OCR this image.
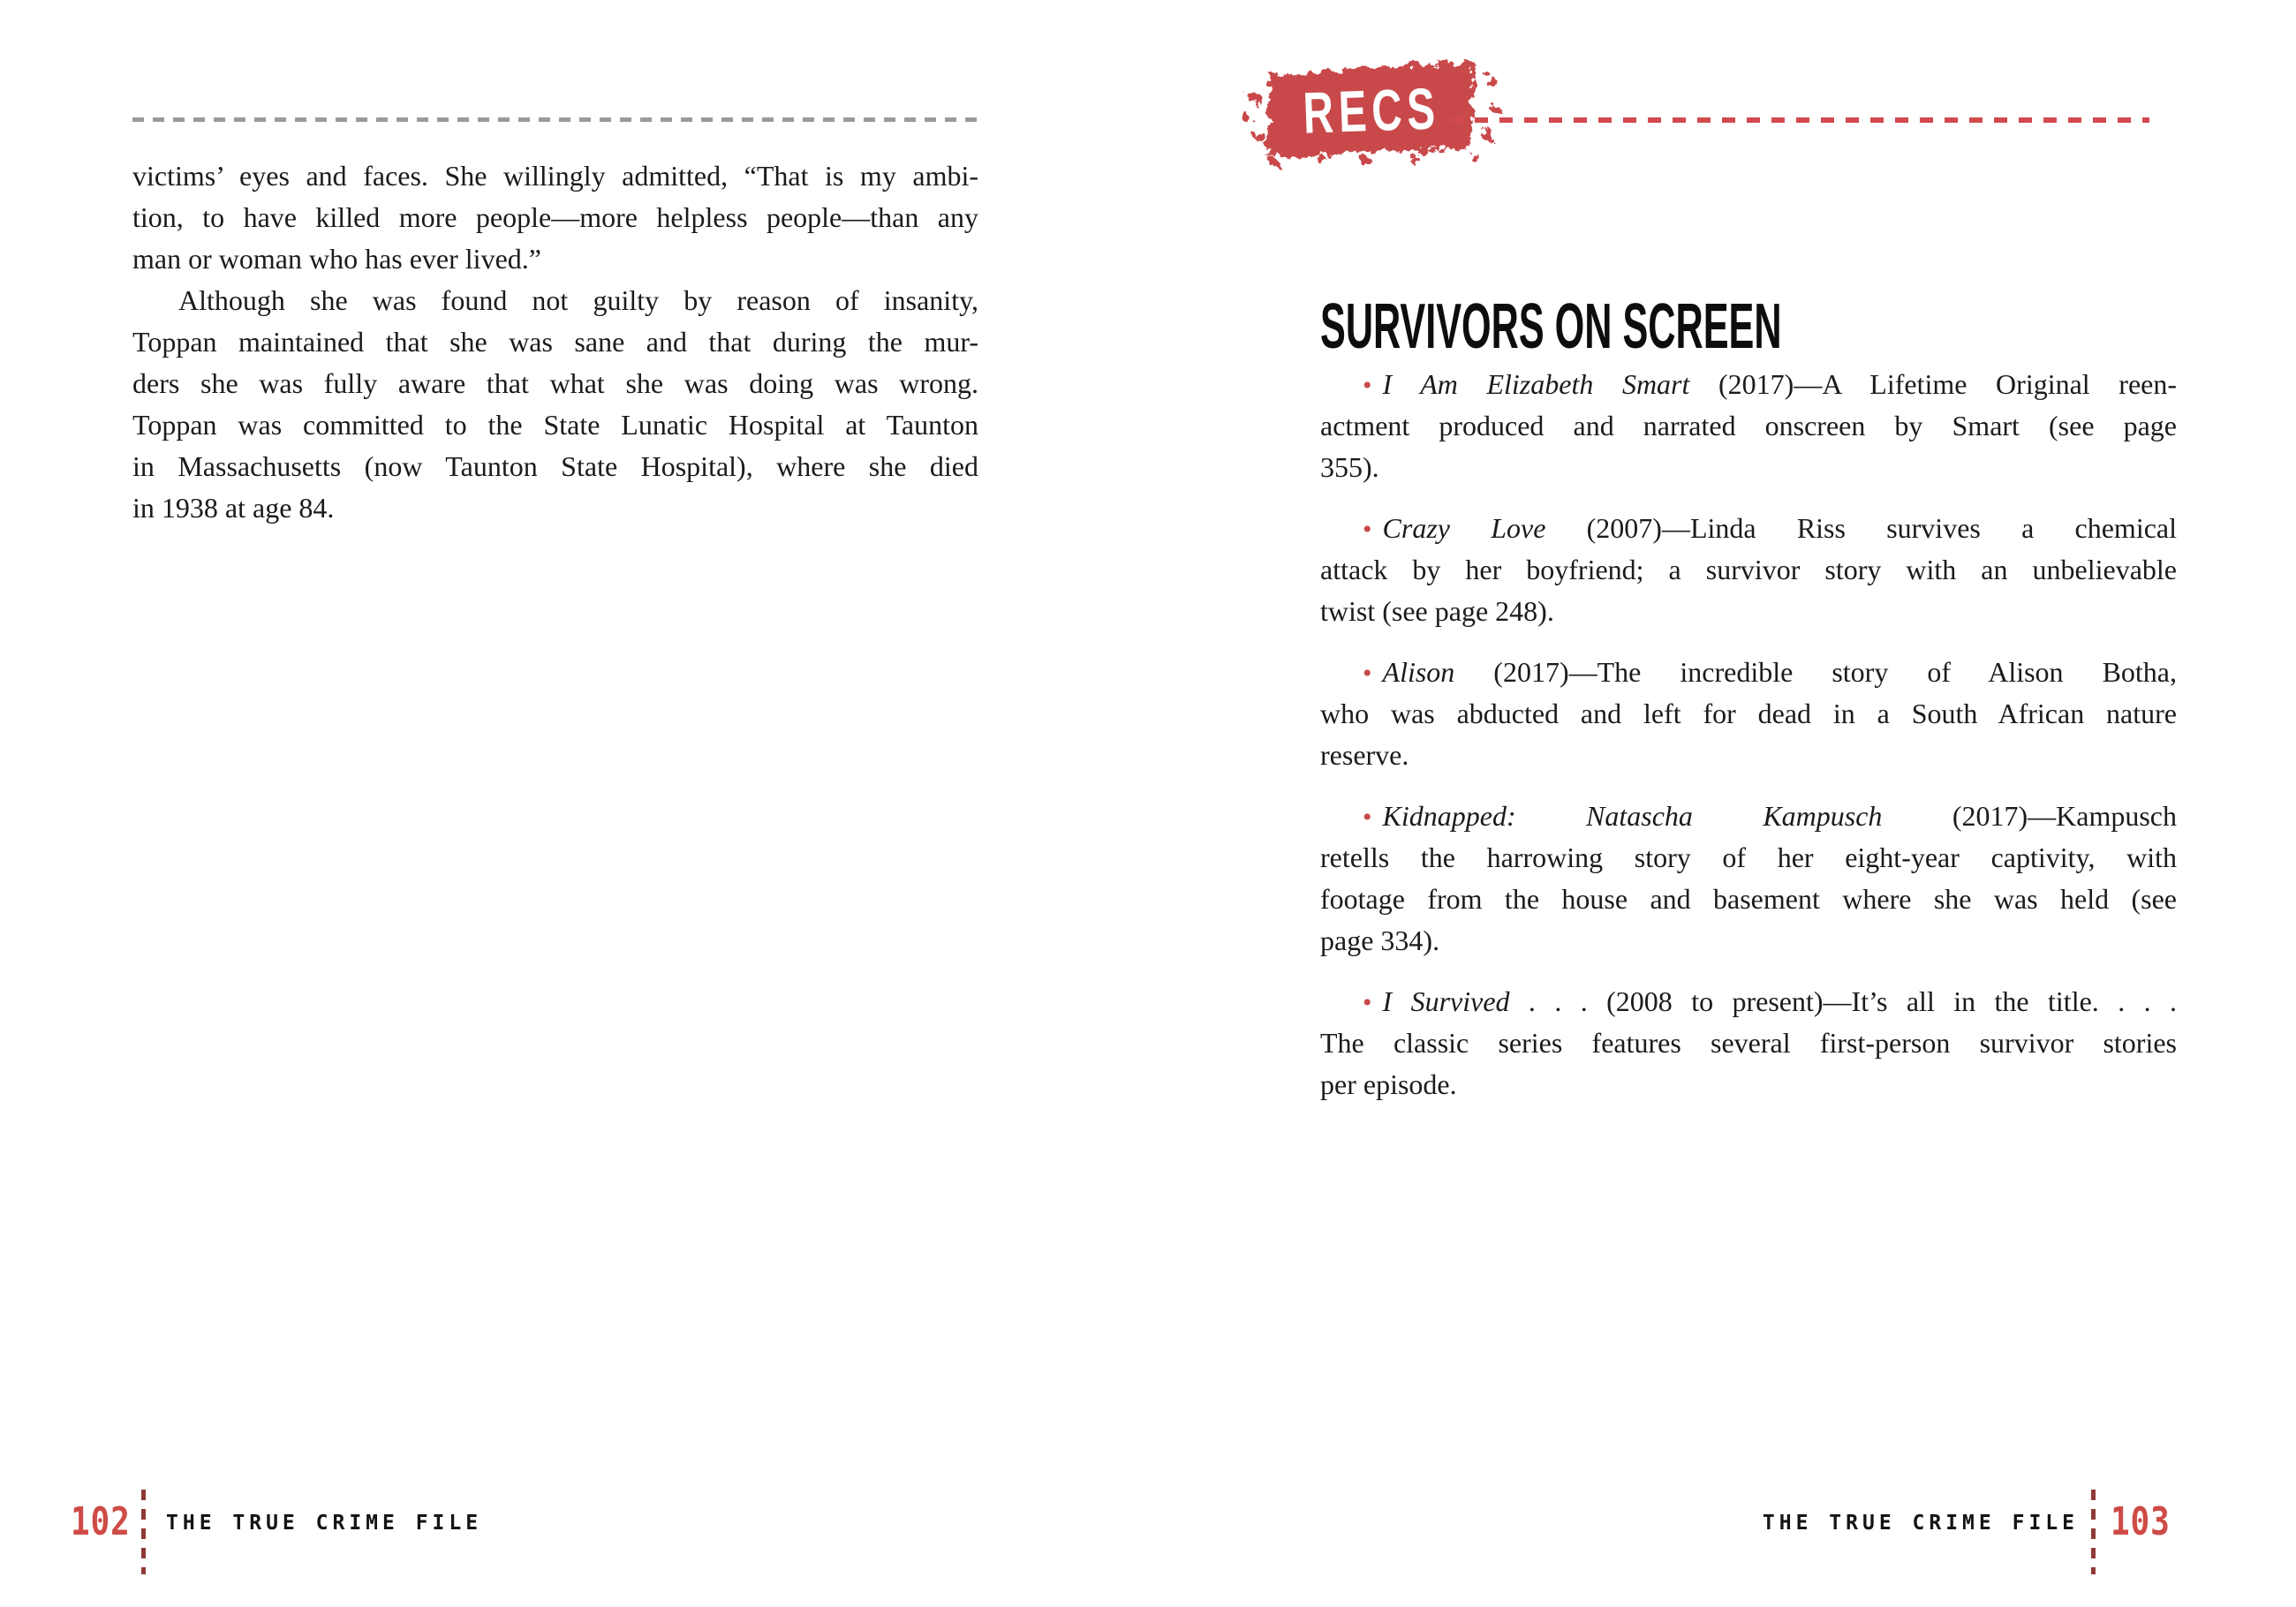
victims’ eyes and faces. She willingly admitted, “That is my ambi-
tion, to have killed more people—more helpless people—than any
man or woman who has ever lived.”
Although she was found not guilty by reason of insanity,
Toppan maintained that she was sane and that during the mur-
ders she was fully aware that what she was doing was wrong.
Toppan was committed to the State Lunatic Hospital at Taunton
in Massachusetts (now Taunton State Hospital), where she died
in 1938 at age 84.
102 THE TRUE CRIME FILE
RECS
SURVIVORS ON SCREEN
• I Am Elizabeth Smart (2017)—A Lifetime Original reen-
actment produced and narrated onscreen by Smart (see page
355).
• Crazy Love (2007)—Linda Riss survives a chemical
attack by her boyfriend; a survivor story with an unbelievable
twist (see page 248).
• Alison (2017)—The incredible story of Alison Botha,
who was abducted and left for dead in a South African nature
reserve.
• Kidnapped: Natascha Kampusch (2017)—Kampusch
retells the harrowing story of her eight-year captivity, with
footage from the house and basement where she was held (see
page 334).
• I Survived . . . (2008 to present)—It’s all in the title. . . .
The classic series features several first-person survivor stories
per episode.
THE TRUE CRIME FILE 103
